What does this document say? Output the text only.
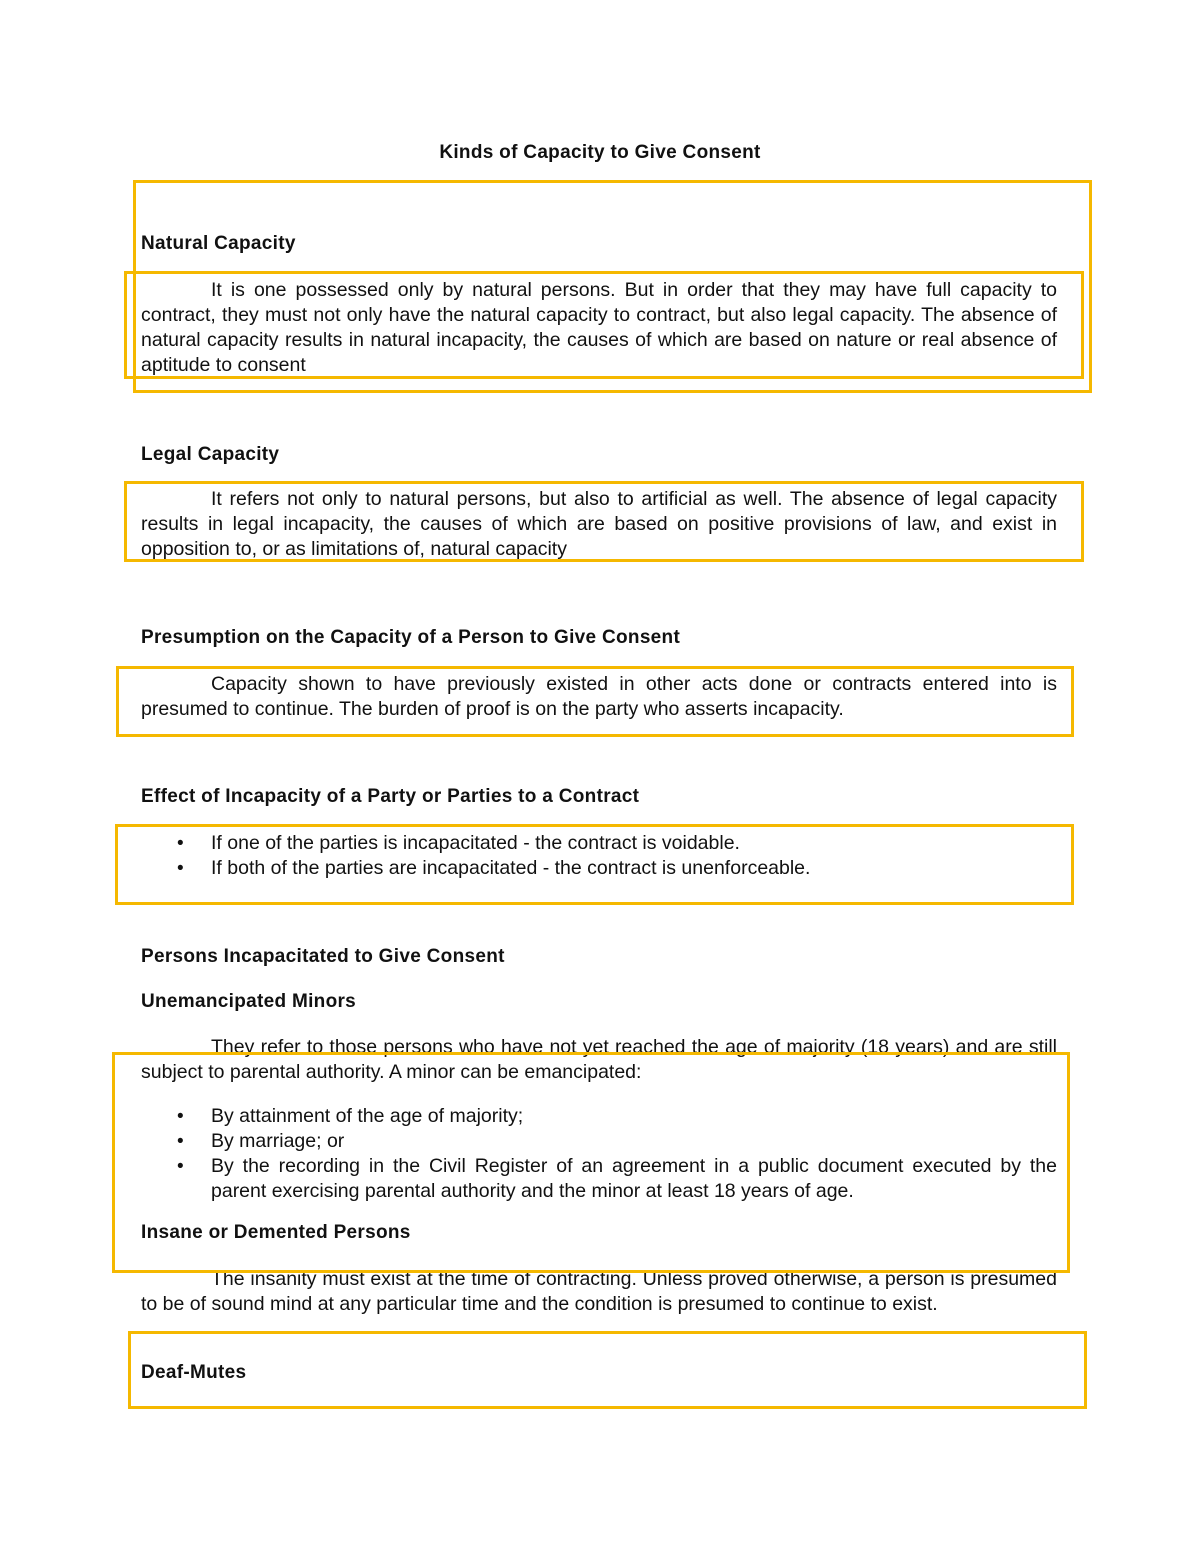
Kinds of Capacity to Give Consent
Natural Capacity
It is one possessed only by natural persons. But in order that they may have full capacity to contract, they must not only have the natural capacity to contract, but also legal capacity. The absence of natural capacity results in natural incapacity, the causes of which are based on nature or real absence of aptitude to consent
Legal Capacity
It refers not only to natural persons, but also to artificial as well. The absence of legal capacity results in legal incapacity, the causes of which are based on positive provisions of law, and exist in opposition to, or as limitations of, natural capacity
Presumption on the Capacity of a Person to Give Consent
Capacity shown to have previously existed in other acts done or contracts entered into is presumed to continue. The burden of proof is on the party who asserts incapacity.
Effect of Incapacity of a Party or Parties to a Contract
• If one of the parties is incapacitated - the contract is voidable.
• If both of the parties are incapacitated - the contract is unenforceable.
Persons Incapacitated to Give Consent
Unemancipated Minors
They refer to those persons who have not yet reached the age of majority (18 years) and are still subject to parental authority. A minor can be emancipated:
• By attainment of the age of majority;
• By marriage; or
• By the recording in the Civil Register of an agreement in a public document executed by the parent exercising parental authority and the minor at least 18 years of age.
Insane or Demented Persons
The insanity must exist at the time of contracting. Unless proved otherwise, a person is presumed to be of sound mind at any particular time and the condition is presumed to continue to exist.
Deaf-Mutes
